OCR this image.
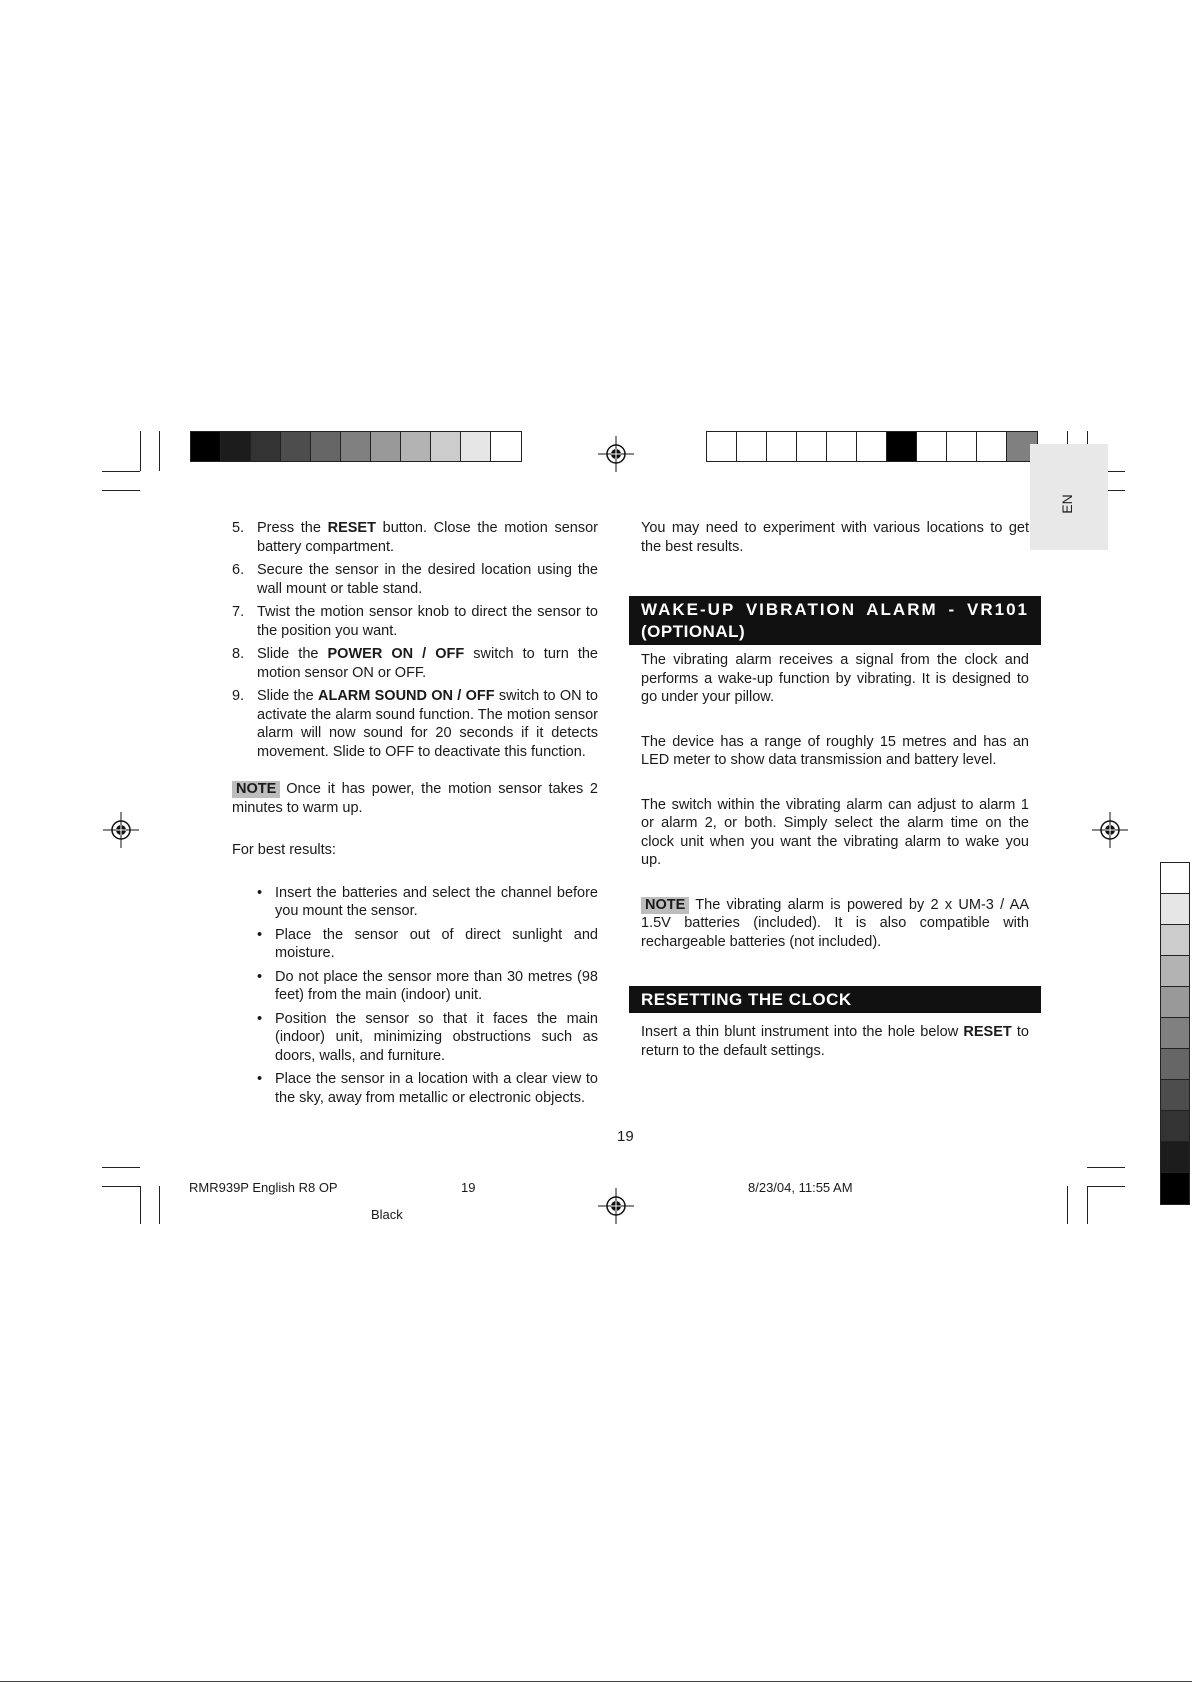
EN
5. Press the RESET button. Close the motion sensor battery compartment.
6. Secure the sensor in the desired location using the wall mount or table stand.
7. Twist the motion sensor knob to direct the sensor to the position you want.
8. Slide the POWER ON / OFF switch to turn the motion sensor ON or OFF.
9. Slide the ALARM SOUND ON / OFF switch to ON to activate the alarm sound function. The motion sensor alarm will now sound for 20 seconds if it detects movement. Slide to OFF to deactivate this function.

NOTE Once it has power, the motion sensor takes 2 minutes to warm up.

For best results:

• Insert the batteries and select the channel before you mount the sensor.
• Place the sensor out of direct sunlight and moisture.
• Do not place the sensor more than 30 metres (98 feet) from the main (indoor) unit.
• Position the sensor so that it faces the main (indoor) unit, minimizing obstructions such as doors, walls, and furniture.
• Place the sensor in a location with a clear view to the sky, away from metallic or electronic objects.

You may need to experiment with various locations to get the best results.

WAKE-UP VIBRATION ALARM - VR101
(OPTIONAL)

The vibrating alarm receives a signal from the clock and performs a wake-up function by vibrating. It is designed to go under your pillow.

The device has a range of roughly 15 metres and has an LED meter to show data transmission and battery level.

The switch within the vibrating alarm can adjust to alarm 1 or alarm 2, or both. Simply select the alarm time on the clock unit when you want the vibrating alarm to wake you up.

NOTE The vibrating alarm is powered by 2 x UM-3 / AA 1.5V batteries (included). It is also compatible with rechargeable batteries (not included).

RESETTING THE CLOCK

Insert a thin blunt instrument into the hole below RESET to return to the default settings.

19
RMR939P English R8 OP	19	8/23/04, 11:55 AM
Black
